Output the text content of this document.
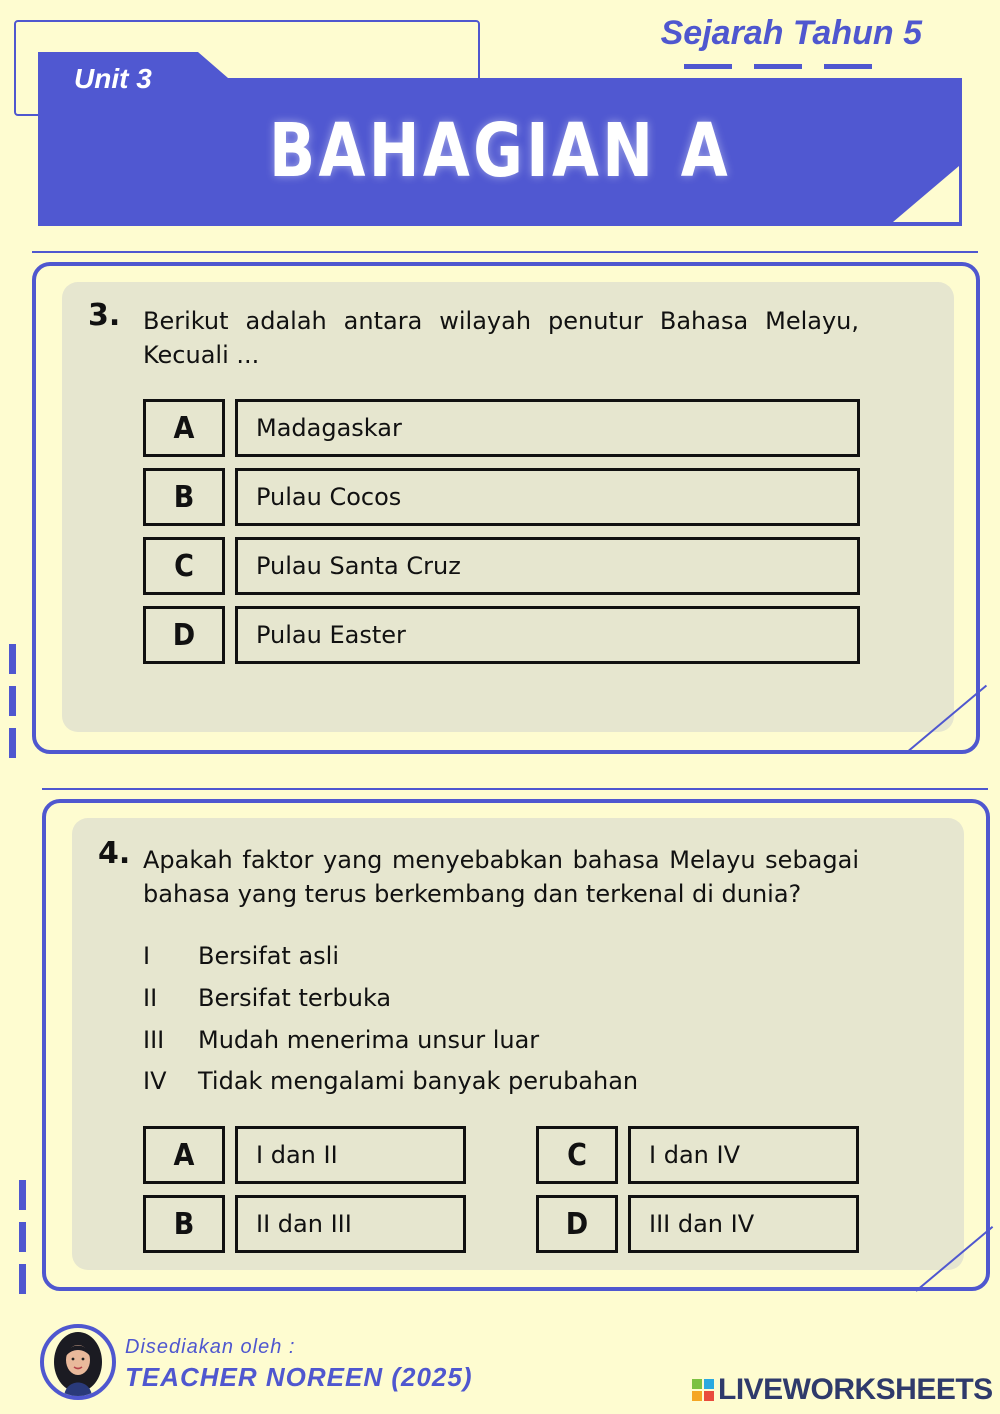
Unit 3
BAHAGIAN A
Sejarah Tahun 5
3. Berikut adalah antara wilayah penutur Bahasa Melayu, Kecuali ...
A	Madagaskar
B	Pulau Cocos
C	Pulau Santa Cruz
D	Pulau Easter
4. Apakah faktor yang menyebabkan bahasa Melayu sebagai bahasa yang terus berkembang dan terkenal di dunia?
I	Bersifat asli
II	Bersifat terbuka
III	Mudah menerima unsur luar
IV	Tidak mengalami banyak perubahan
A	I dan II
B	II dan III
C	I dan IV
D	III dan IV
Disediakan oleh :
TEACHER NOREEN (2025)	LIVEWORKSHEETS
